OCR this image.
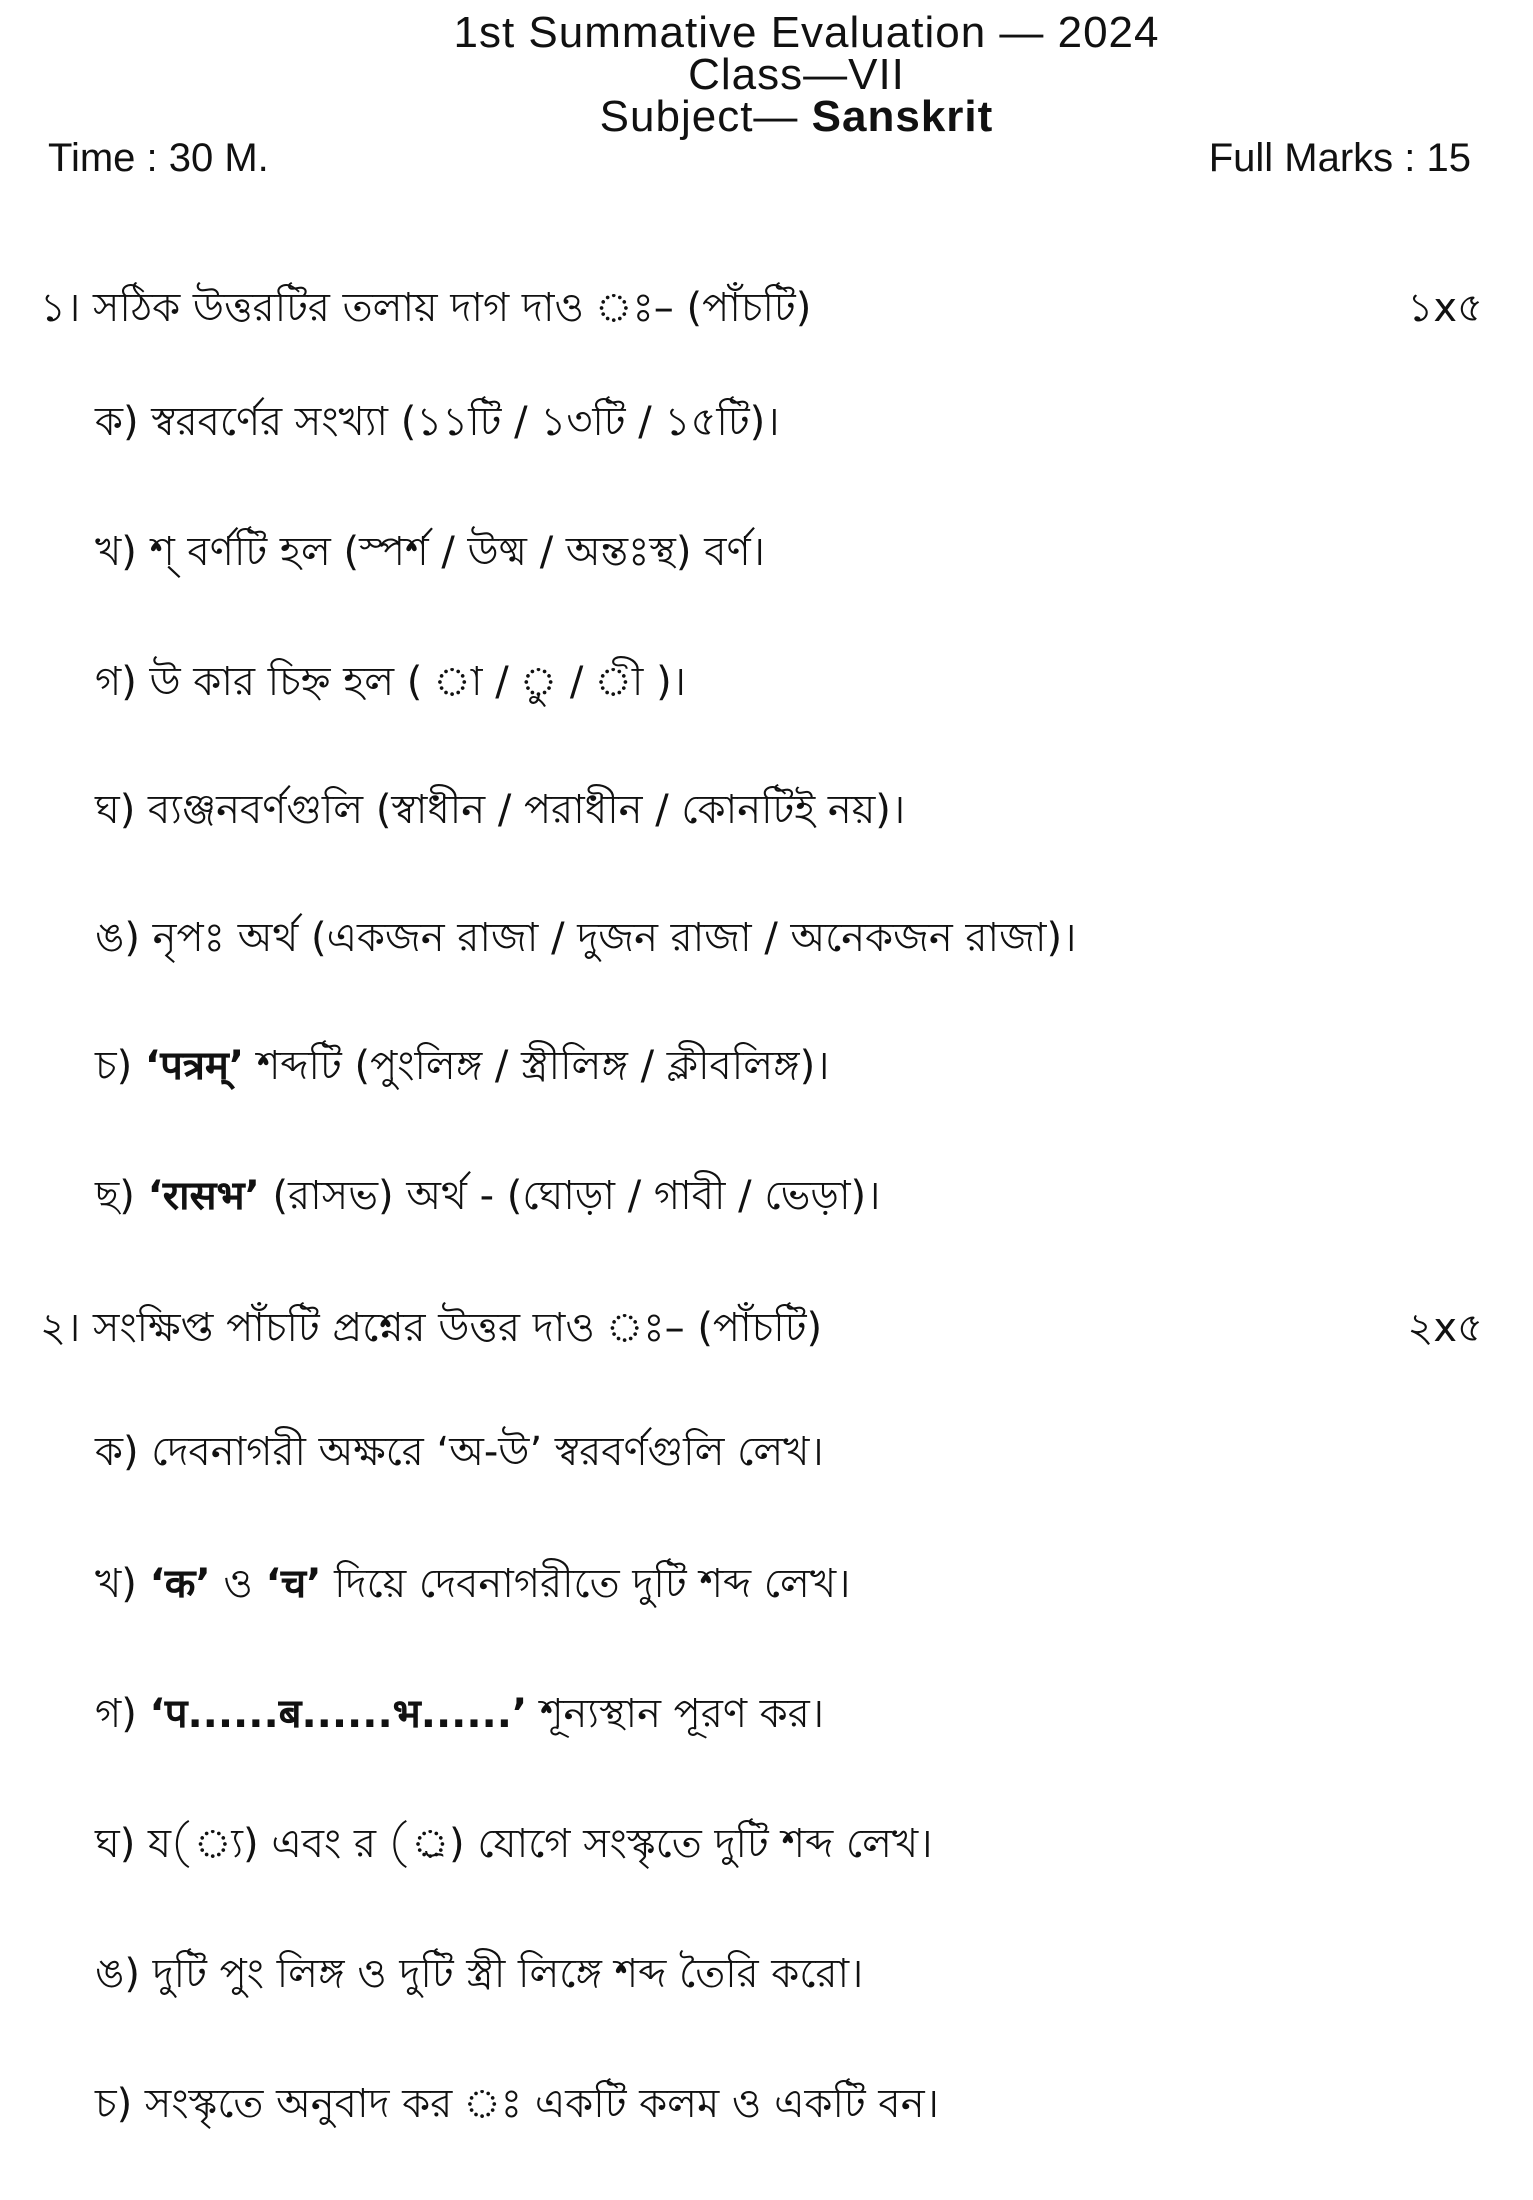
1st Summative Evaluation — 2024
Class—VII
Subject— Sanskrit
Time : 30 M.	Full Marks : 15
১। সঠিক উত্তরটির তলায় দাগ দাও ঃ– (পাঁচটি)	১x৫
ক) স্বরবর্ণের সংখ্যা (১১টি / ১৩টি / ১৫টি)।
খ) শ্ বর্ণটি হল (স্পর্শ / উষ্ম / অন্তঃস্থ) বর্ণ।
গ) উ কার চিহ্ন হল ( া / ু / ী )।
ঘ) ব্যঞ্জনবর্ণগুলি (স্বাধীন / পরাধীন / কোনটিই নয়)।
ঙ) নৃপঃ অর্থ (একজন রাজা / দুজন রাজা / অনেকজন রাজা)।
চ) ‘पत्रम्’ শব্দটি (পুংলিঙ্গ / স্ত্রীলিঙ্গ / ক্লীবলিঙ্গ)।
ছ) ‘रासभ’ (রাসভ) অর্থ - (ঘোড়া / গাবী / ভেড়া)।
২। সংক্ষিপ্ত পাঁচটি প্রশ্নের উত্তর দাও ঃ– (পাঁচটি)	২x৫
ক) দেবনাগরী অক্ষরে ‘অ-উ’ স্বরবর্ণগুলি লেখ।
খ) ‘क’ ও ‘च’ দিয়ে দেবনাগরীতে দুটি শব্দ লেখ।
গ) ‘प......ब......भ......’ শূন্যস্থান পূরণ কর।
ঘ) য(্য) এবং র (্র) যোগে সংস্কৃতে দুটি শব্দ লেখ।
ঙ) দুটি পুং লিঙ্গ ও দুটি স্ত্রী লিঙ্গে শব্দ তৈরি করো।
চ) সংস্কৃতে অনুবাদ কর ঃ একটি কলম ও একটি বন।
